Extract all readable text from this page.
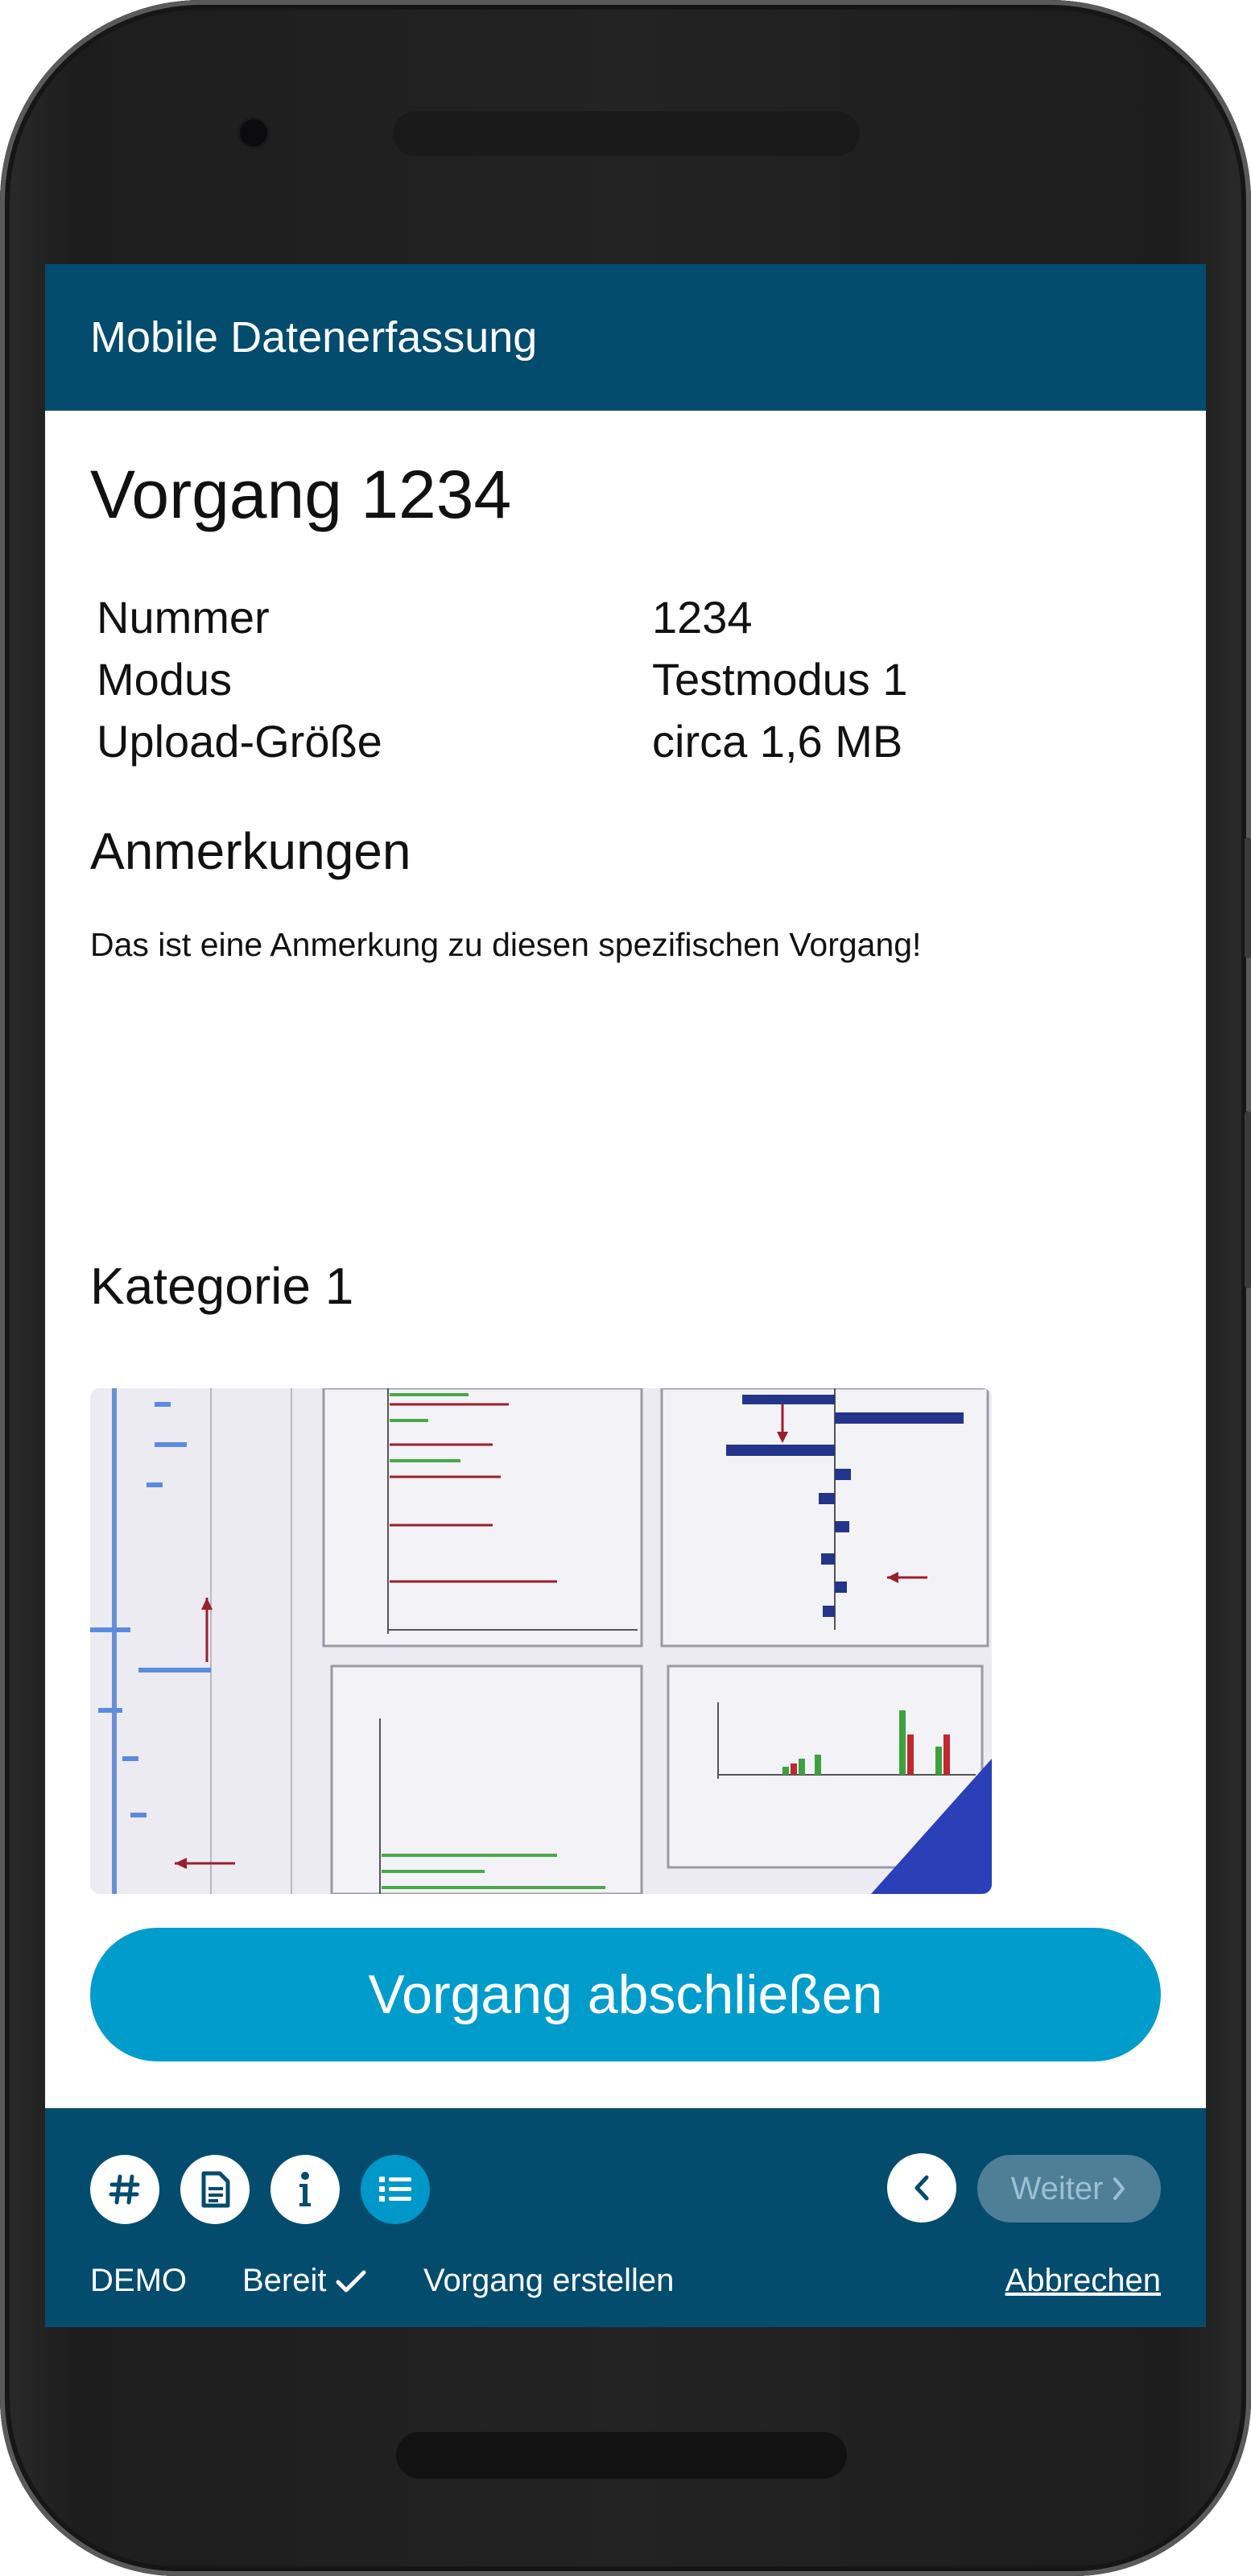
Mobile Datenerfassung
Vorgang 1234
Nummer	1234
Modus	Testmodus 1
Upload-Größe	circa 1,6 MB
Anmerkungen
Das ist eine Anmerkung zu diesen spezifischen Vorgang!
Kategorie 1
Vorgang abschließen
Weiter
DEMO Bereit	Vorgang erstellen	Abbrechen
